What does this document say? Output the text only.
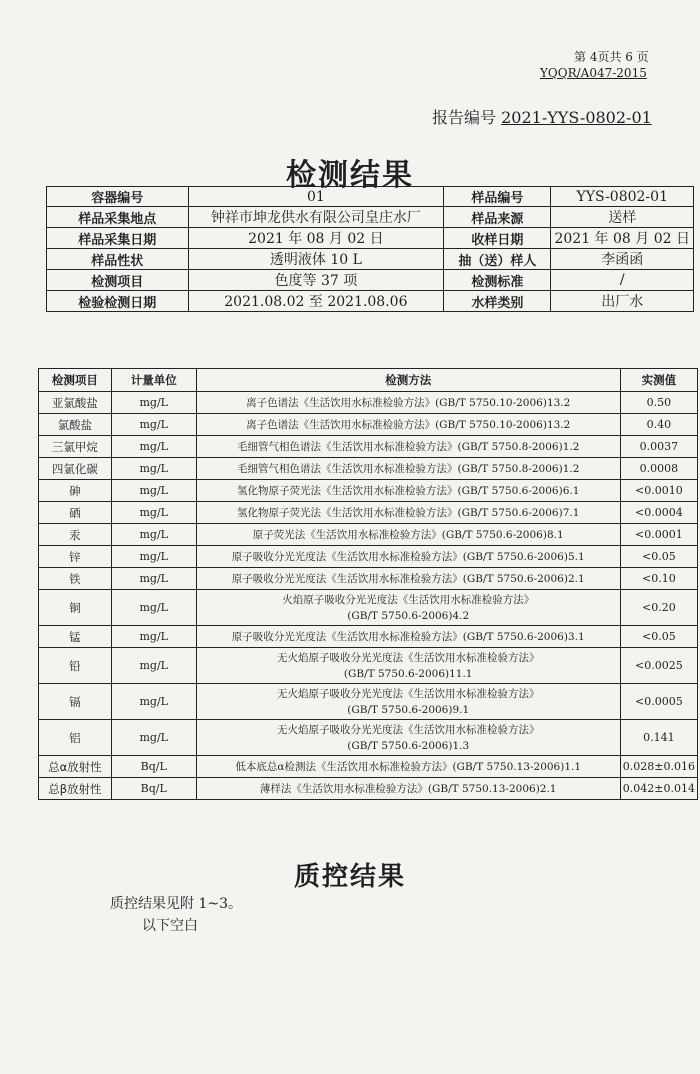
第 4页共 6 页
YQQR/A047-2015
报告编号 2021-YYS-0802-01
检测结果
容器编号	01	样品编号	YYS-0802-01
样品采集地点	钟祥市坤龙供水有限公司皇庄水厂	样品来源	送样
样品采集日期	2021 年 08 月 02 日	收样日期	2021 年 08 月 02 日
样品性状	透明液体 10 L	抽（送）样人	李函函
检测项目	色度等 37 项	检测标准	/
检验检测日期	2021.08.02 至 2021.08.06	水样类别	出厂水
检测项目	计量单位	检测方法	实测值
亚氯酸盐	mg/L	离子色谱法《生活饮用水标准检验方法》(GB/T 5750.10-2006)13.2	0.50
氯酸盐	mg/L	离子色谱法《生活饮用水标准检验方法》(GB/T 5750.10-2006)13.2	0.40
三氯甲烷	mg/L	毛细管气相色谱法《生活饮用水标准检验方法》(GB/T 5750.8-2006)1.2	0.0037
四氯化碳	mg/L	毛细管气相色谱法《生活饮用水标准检验方法》(GB/T 5750.8-2006)1.2	0.0008
砷	mg/L	氢化物原子荧光法《生活饮用水标准检验方法》(GB/T 5750.6-2006)6.1	<0.0010
硒	mg/L	氢化物原子荧光法《生活饮用水标准检验方法》(GB/T 5750.6-2006)7.1	<0.0004
汞	mg/L	原子荧光法《生活饮用水标准检验方法》(GB/T 5750.6-2006)8.1	<0.0001
锌	mg/L	原子吸收分光光度法《生活饮用水标准检验方法》(GB/T 5750.6-2006)5.1	<0.05
铁	mg/L	原子吸收分光光度法《生活饮用水标准检验方法》(GB/T 5750.6-2006)2.1	<0.10
铜	mg/L	火焰原子吸收分光光度法《生活饮用水标准检验方法》
(GB/T 5750.6-2006)4.2	<0.20
锰	mg/L	原子吸收分光光度法《生活饮用水标准检验方法》(GB/T 5750.6-2006)3.1	<0.05
铅	mg/L	无火焰原子吸收分光光度法《生活饮用水标准检验方法》
(GB/T 5750.6-2006)11.1	<0.0025
镉	mg/L	无火焰原子吸收分光光度法《生活饮用水标准检验方法》
(GB/T 5750.6-2006)9.1	<0.0005
铝	mg/L	无火焰原子吸收分光光度法《生活饮用水标准检验方法》
(GB/T 5750.6-2006)1.3	0.141
总α放射性	Bq/L	低本底总α检测法《生活饮用水标准检验方法》(GB/T 5750.13-2006)1.1	0.028±0.016
总β放射性	Bq/L	薄样法《生活饮用水标准检验方法》(GB/T 5750.13-2006)2.1	0.042±0.014
质控结果
质控结果见附 1~3。
以下空白
